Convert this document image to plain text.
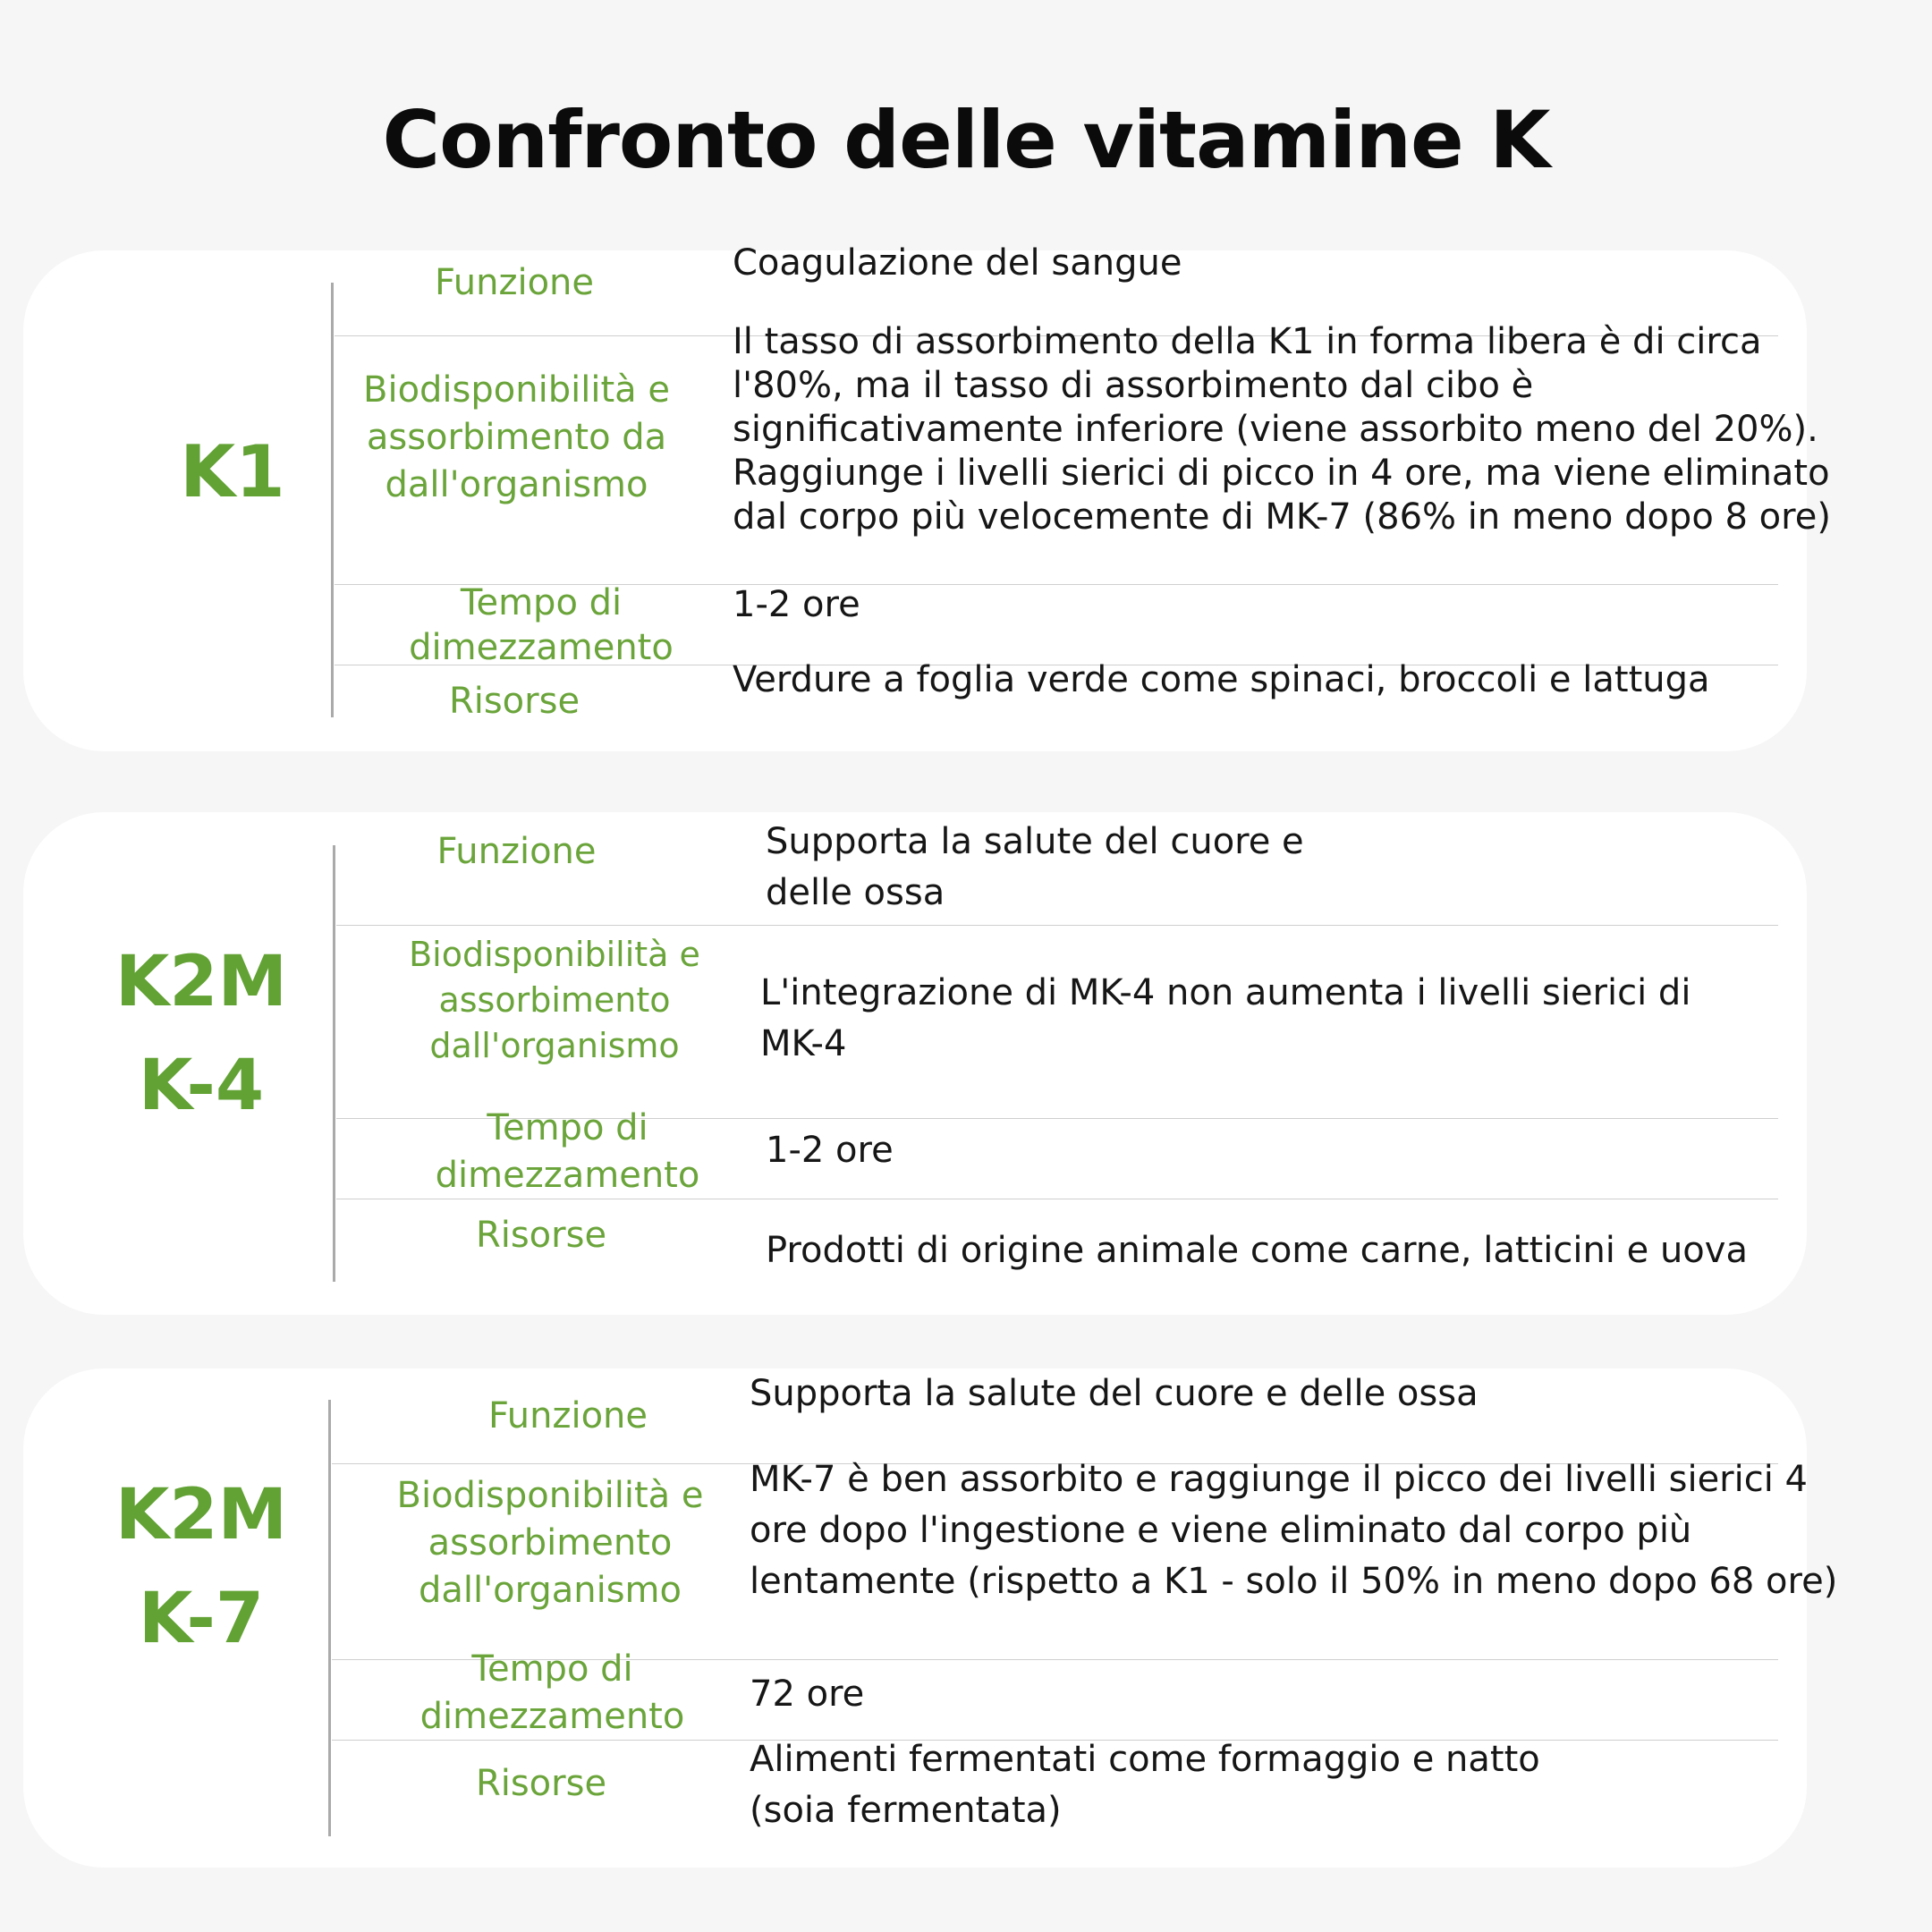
Confronto delle vitamine K
K1
Funzione
Biodisponibilità e assorbimento da dall'organismo
Tempo di dimezzamento
Risorse
Coagulazione del sangue
Il tasso di assorbimento della K1 in forma libera è di circa
l'80%, ma il tasso di assorbimento dal cibo è
significativamente inferiore (viene assorbito meno del 20%).
Raggiunge i livelli sierici di picco in 4 ore, ma viene eliminato
dal corpo più velocemente di MK-7 (86% in meno dopo 8 ore)
1-2 ore
Verdure a foglia verde come spinaci, broccoli e lattuga
K2MK-4
Funzione
Biodisponibilità e assorbimento dall'organismo
Tempo di dimezzamento
Risorse
Supporta la salute del cuore e
delle ossa
L'integrazione di MK-4 non aumenta i livelli sierici di
MK-4
1-2 ore
Prodotti di origine animale come carne, latticini e uova
K2MK-7
Funzione
Biodisponibilità e assorbimento dall'organismo
Tempo di dimezzamento
Risorse
Supporta la salute del cuore e delle ossa
MK-7 è ben assorbito e raggiunge il picco dei livelli sierici 4
ore dopo l'ingestione e viene eliminato dal corpo più
lentamente (rispetto a K1 - solo il 50% in meno dopo 68 ore)
72 ore
Alimenti fermentati come formaggio e natto
(soia fermentata)
